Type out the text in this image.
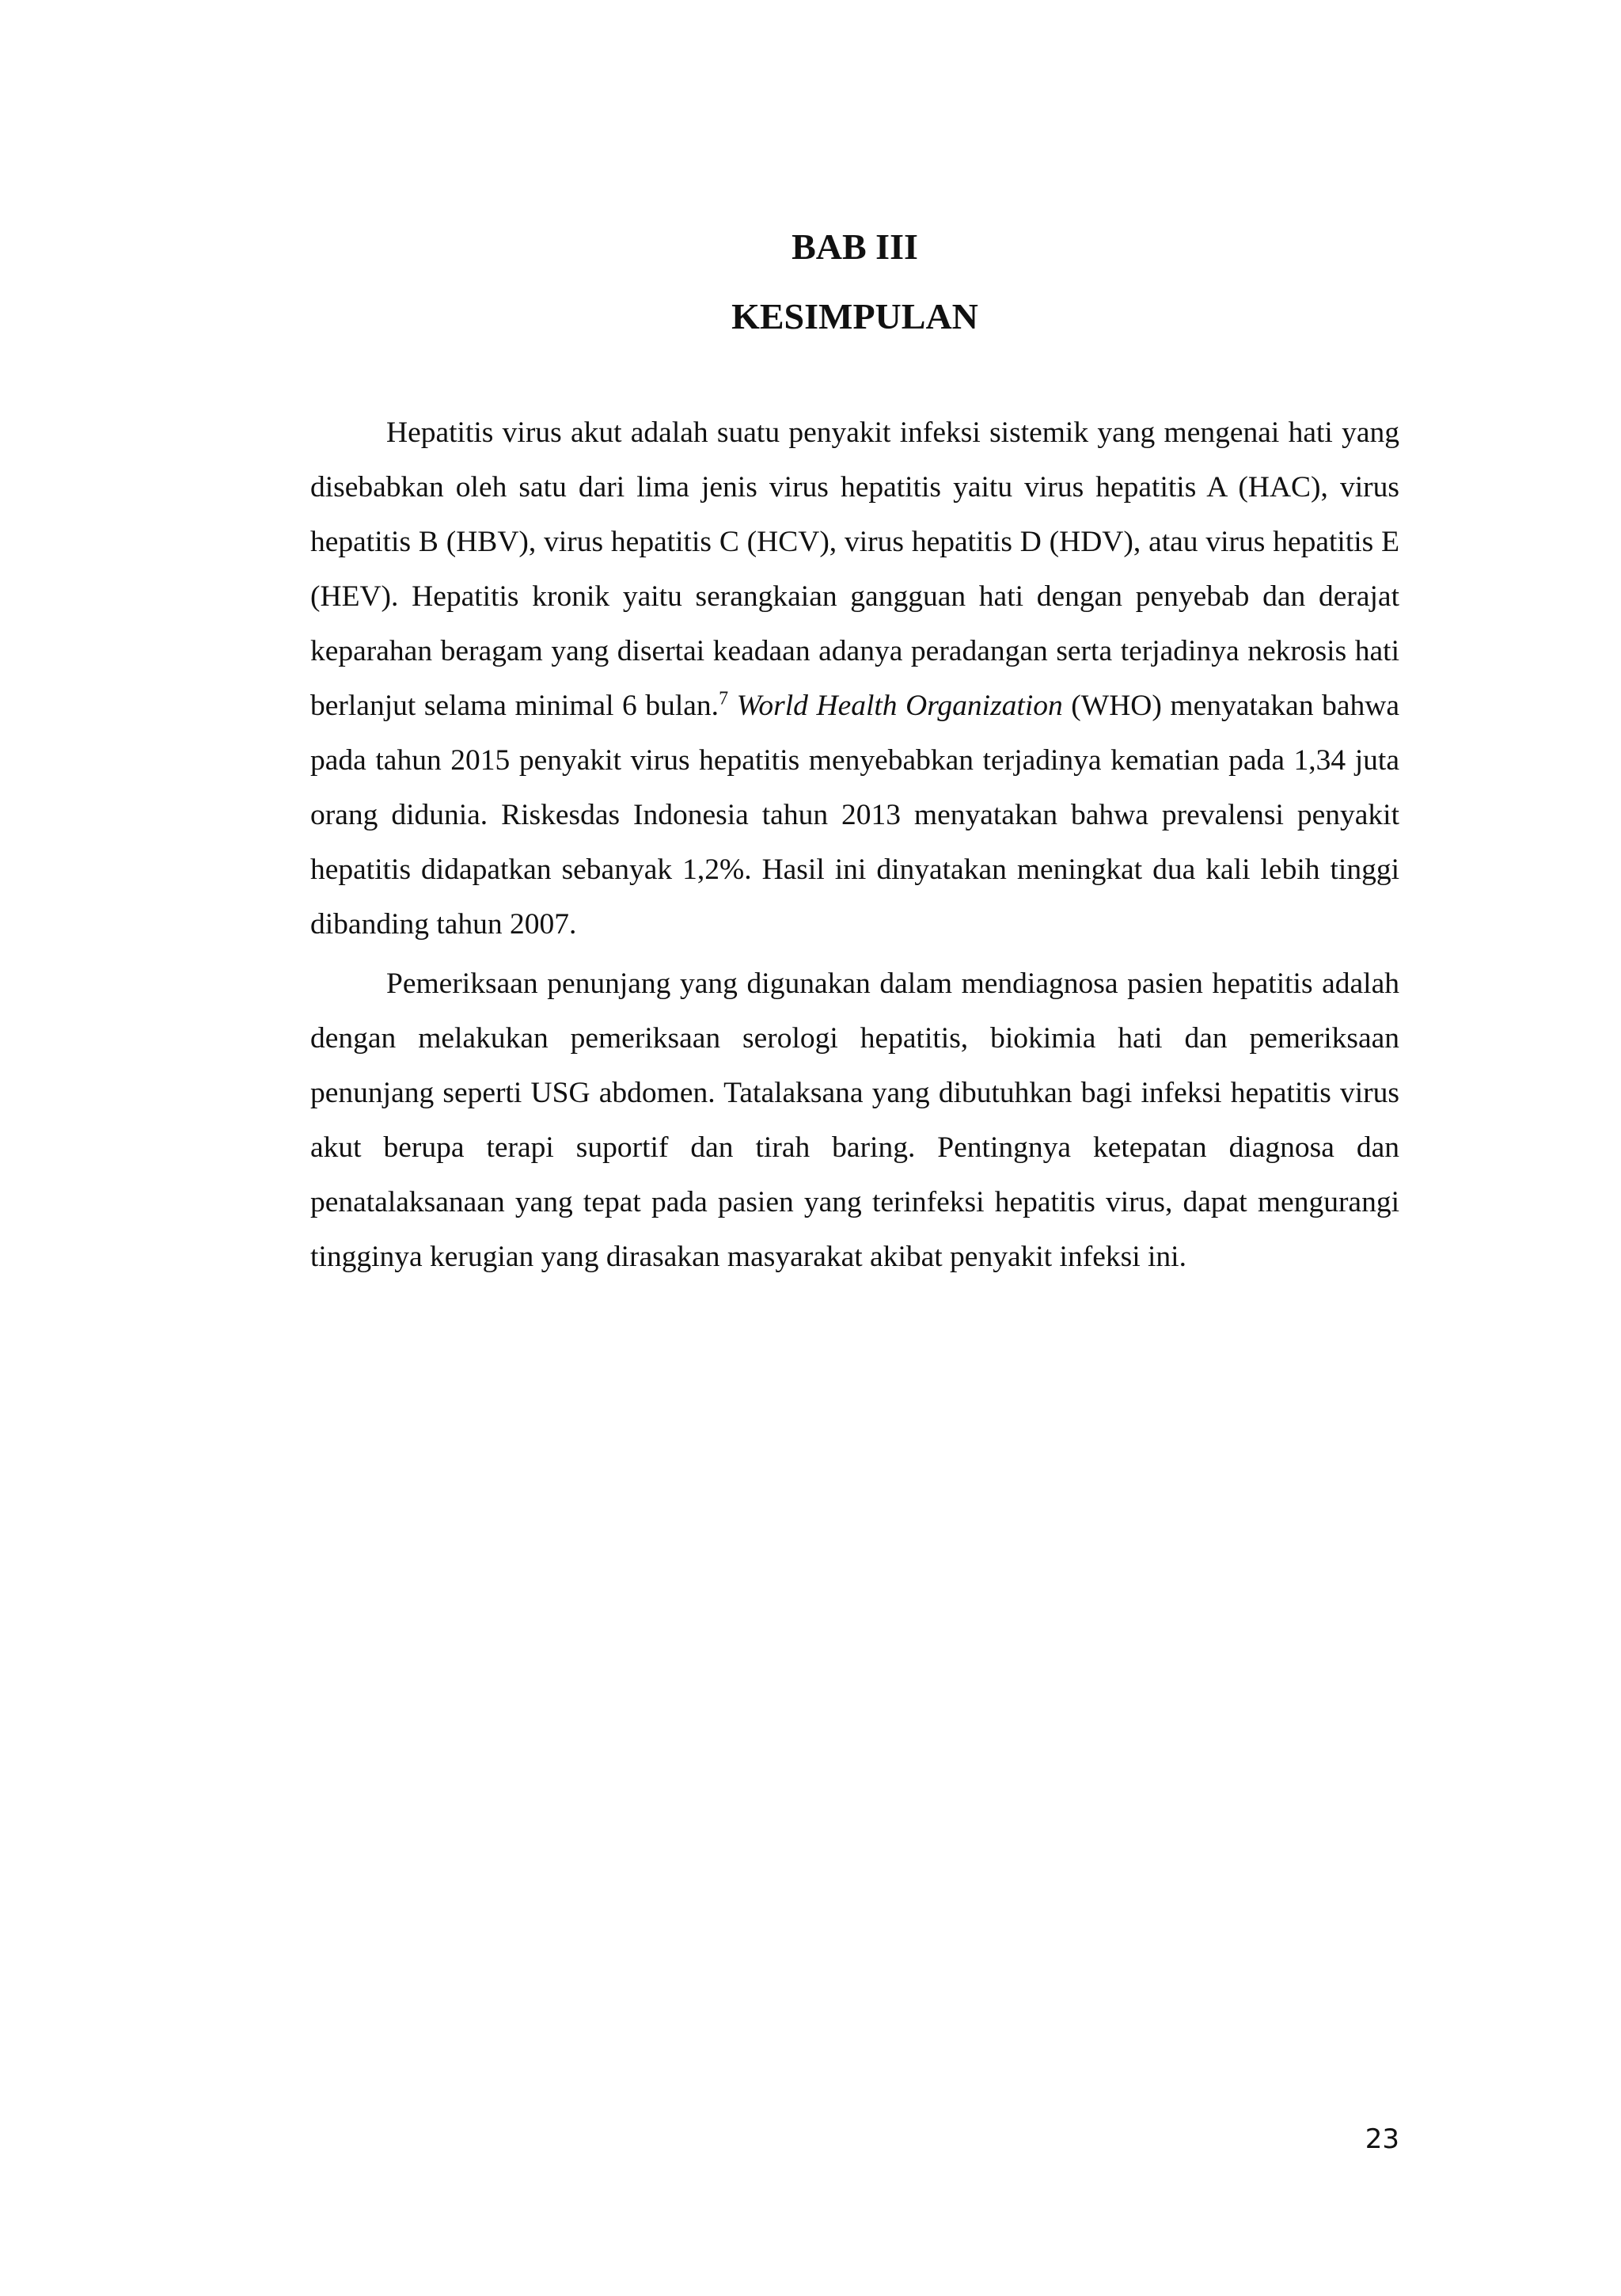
BAB III
KESIMPULAN

Hepatitis virus akut adalah suatu penyakit infeksi sistemik yang mengenai hati yang disebabkan oleh satu dari lima jenis virus hepatitis yaitu virus hepatitis A (HAC), virus hepatitis B (HBV), virus hepatitis C (HCV), virus hepatitis D (HDV), atau virus hepatitis E (HEV). Hepatitis kronik yaitu serangkaian gangguan hati dengan penyebab dan derajat keparahan beragam yang disertai keadaan adanya peradangan serta terjadinya nekrosis hati berlanjut selama minimal 6 bulan.$^7$ World Health Organization (WHO) menyatakan bahwa pada tahun 2015 penyakit virus hepatitis menyebabkan terjadinya kematian pada 1,34 juta orang didunia. Riskesdas Indonesia tahun 2013 menyatakan bahwa prevalensi penyakit hepatitis didapatkan sebanyak 1,2%. Hasil ini dinyatakan meningkat dua kali lebih tinggi dibanding tahun 2007.

Pemeriksaan penunjang yang digunakan dalam mendiagnosa pasien hepatitis adalah dengan melakukan pemeriksaan serologi hepatitis, biokimia hati dan pemeriksaan penunjang seperti USG abdomen. Tatalaksana yang dibutuhkan bagi infeksi hepatitis virus akut berupa terapi suportif dan tirah baring. Pentingnya ketepatan diagnosa dan penatalaksanaan yang tepat pada pasien yang terinfeksi hepatitis virus, dapat mengurangi tingginya kerugian yang dirasakan masyarakat akibat penyakit infeksi ini.

23
